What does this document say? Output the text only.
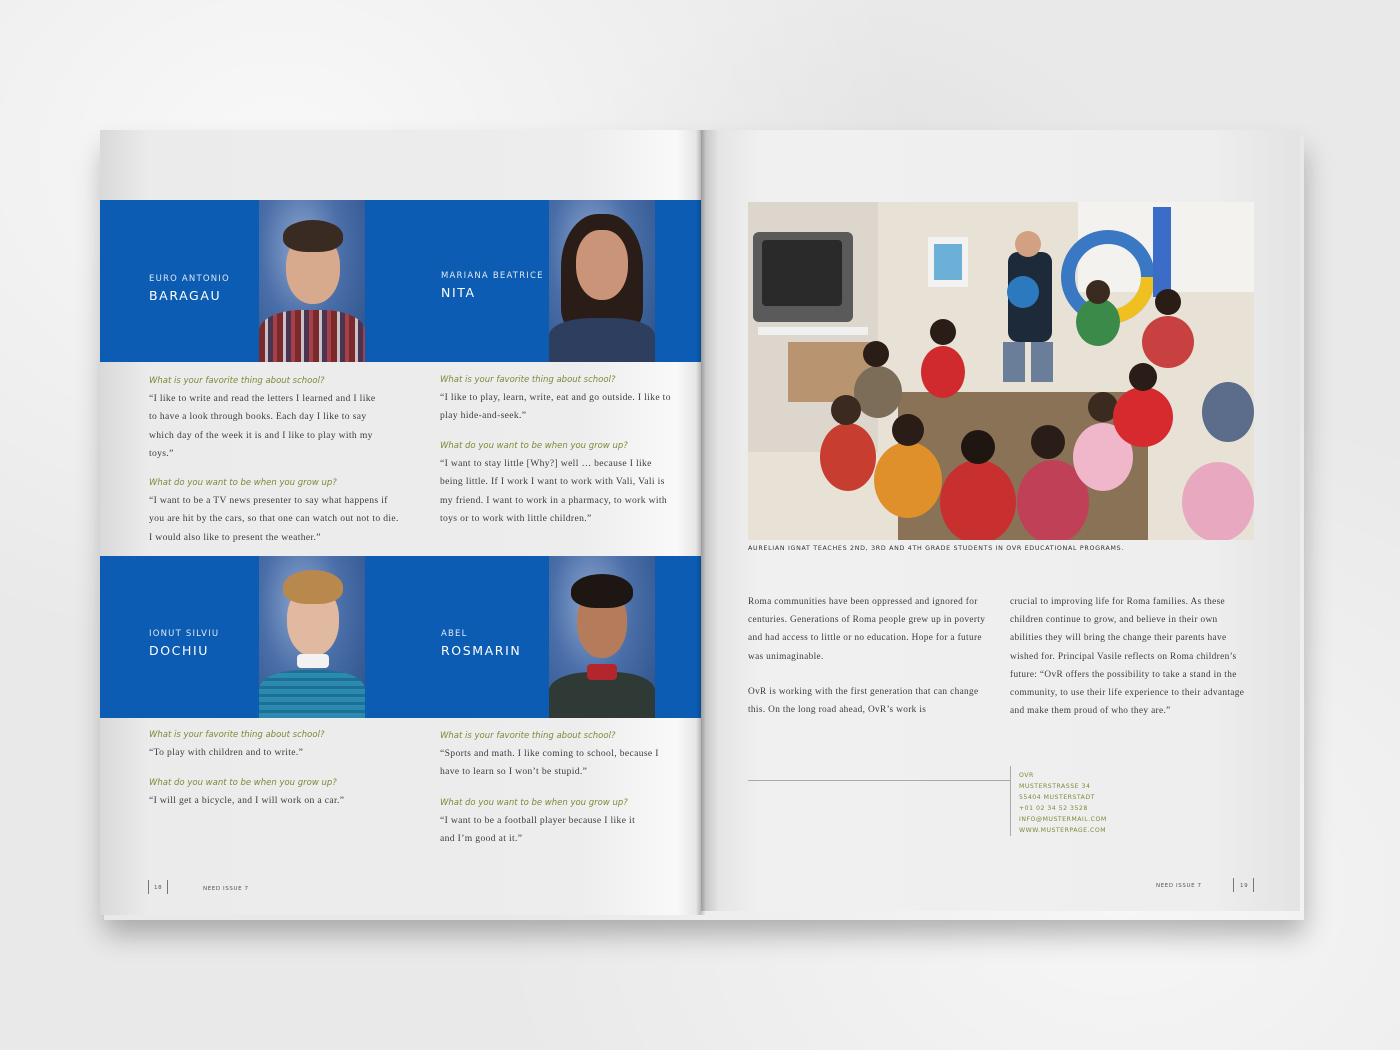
EURO ANTONIO
BARAGAU
MARIANA BEATRICE
NITA
What is your favorite thing about school?
“I like to write and read the letters I learned and I like to have a look through books. Each day I like to say which day of the week it is and I like to play with my toys.”
What do you want to be when you grow up?
“I want to be a TV news presenter to say what happens if you are hit by the cars, so that one can watch out not to die. I would also like to present the weather.”
What is your favorite thing about school?
“I like to play, learn, write, eat and go outside. I like to play hide-and-seek.”
What do you want to be when you grow up?
“I want to stay little [Why?] well … because I like being little. If I work I want to work with Vali, Vali is my friend. I want to work in a pharmacy, to work with toys or to work with little children.”
IONUT SILVIU
DOCHIU
ABEL
ROSMARIN
What is your favorite thing about school?
“To play with children and to write.”
What do you want to be when you grow up?
“I will get a bicycle, and I will work on a car.”
What is your favorite thing about school?
“Sports and math. I like coming to school, because I have to learn so I won’t be stupid.”
What do you want to be when you grow up?
“I want to be a football player because I like it and I’m good at it.”
18	NEED ISSUE 7
AURELIAN IGNAT TEACHES 2ND, 3RD AND 4TH GRADE STUDENTS IN OVR EDUCATIONAL PROGRAMS.
Roma communities have been oppressed and ignored for centuries. Generations of Roma people grew up in poverty and had access to little or no education. Hope for a future was unimaginable.
OvR is working with the first generation that can change this. On the long road ahead, OvR’s work is
crucial to improving life for Roma families. As these children continue to grow, and believe in their own abilities they will bring the change their parents have wished for. Principal Vasile reflects on Roma children’s future: “OvR offers the possibility to take a stand in the community, to use their life experience to their advantage and make them proud of who they are.”
OVR
MUSTERSTRASSE 34
55404 MUSTERSTADT
+01 02 34 52 3528
INFO@MUSTERMAIL.COM
WWW.MUSTERPAGE.COM
NEED ISSUE 7	19
